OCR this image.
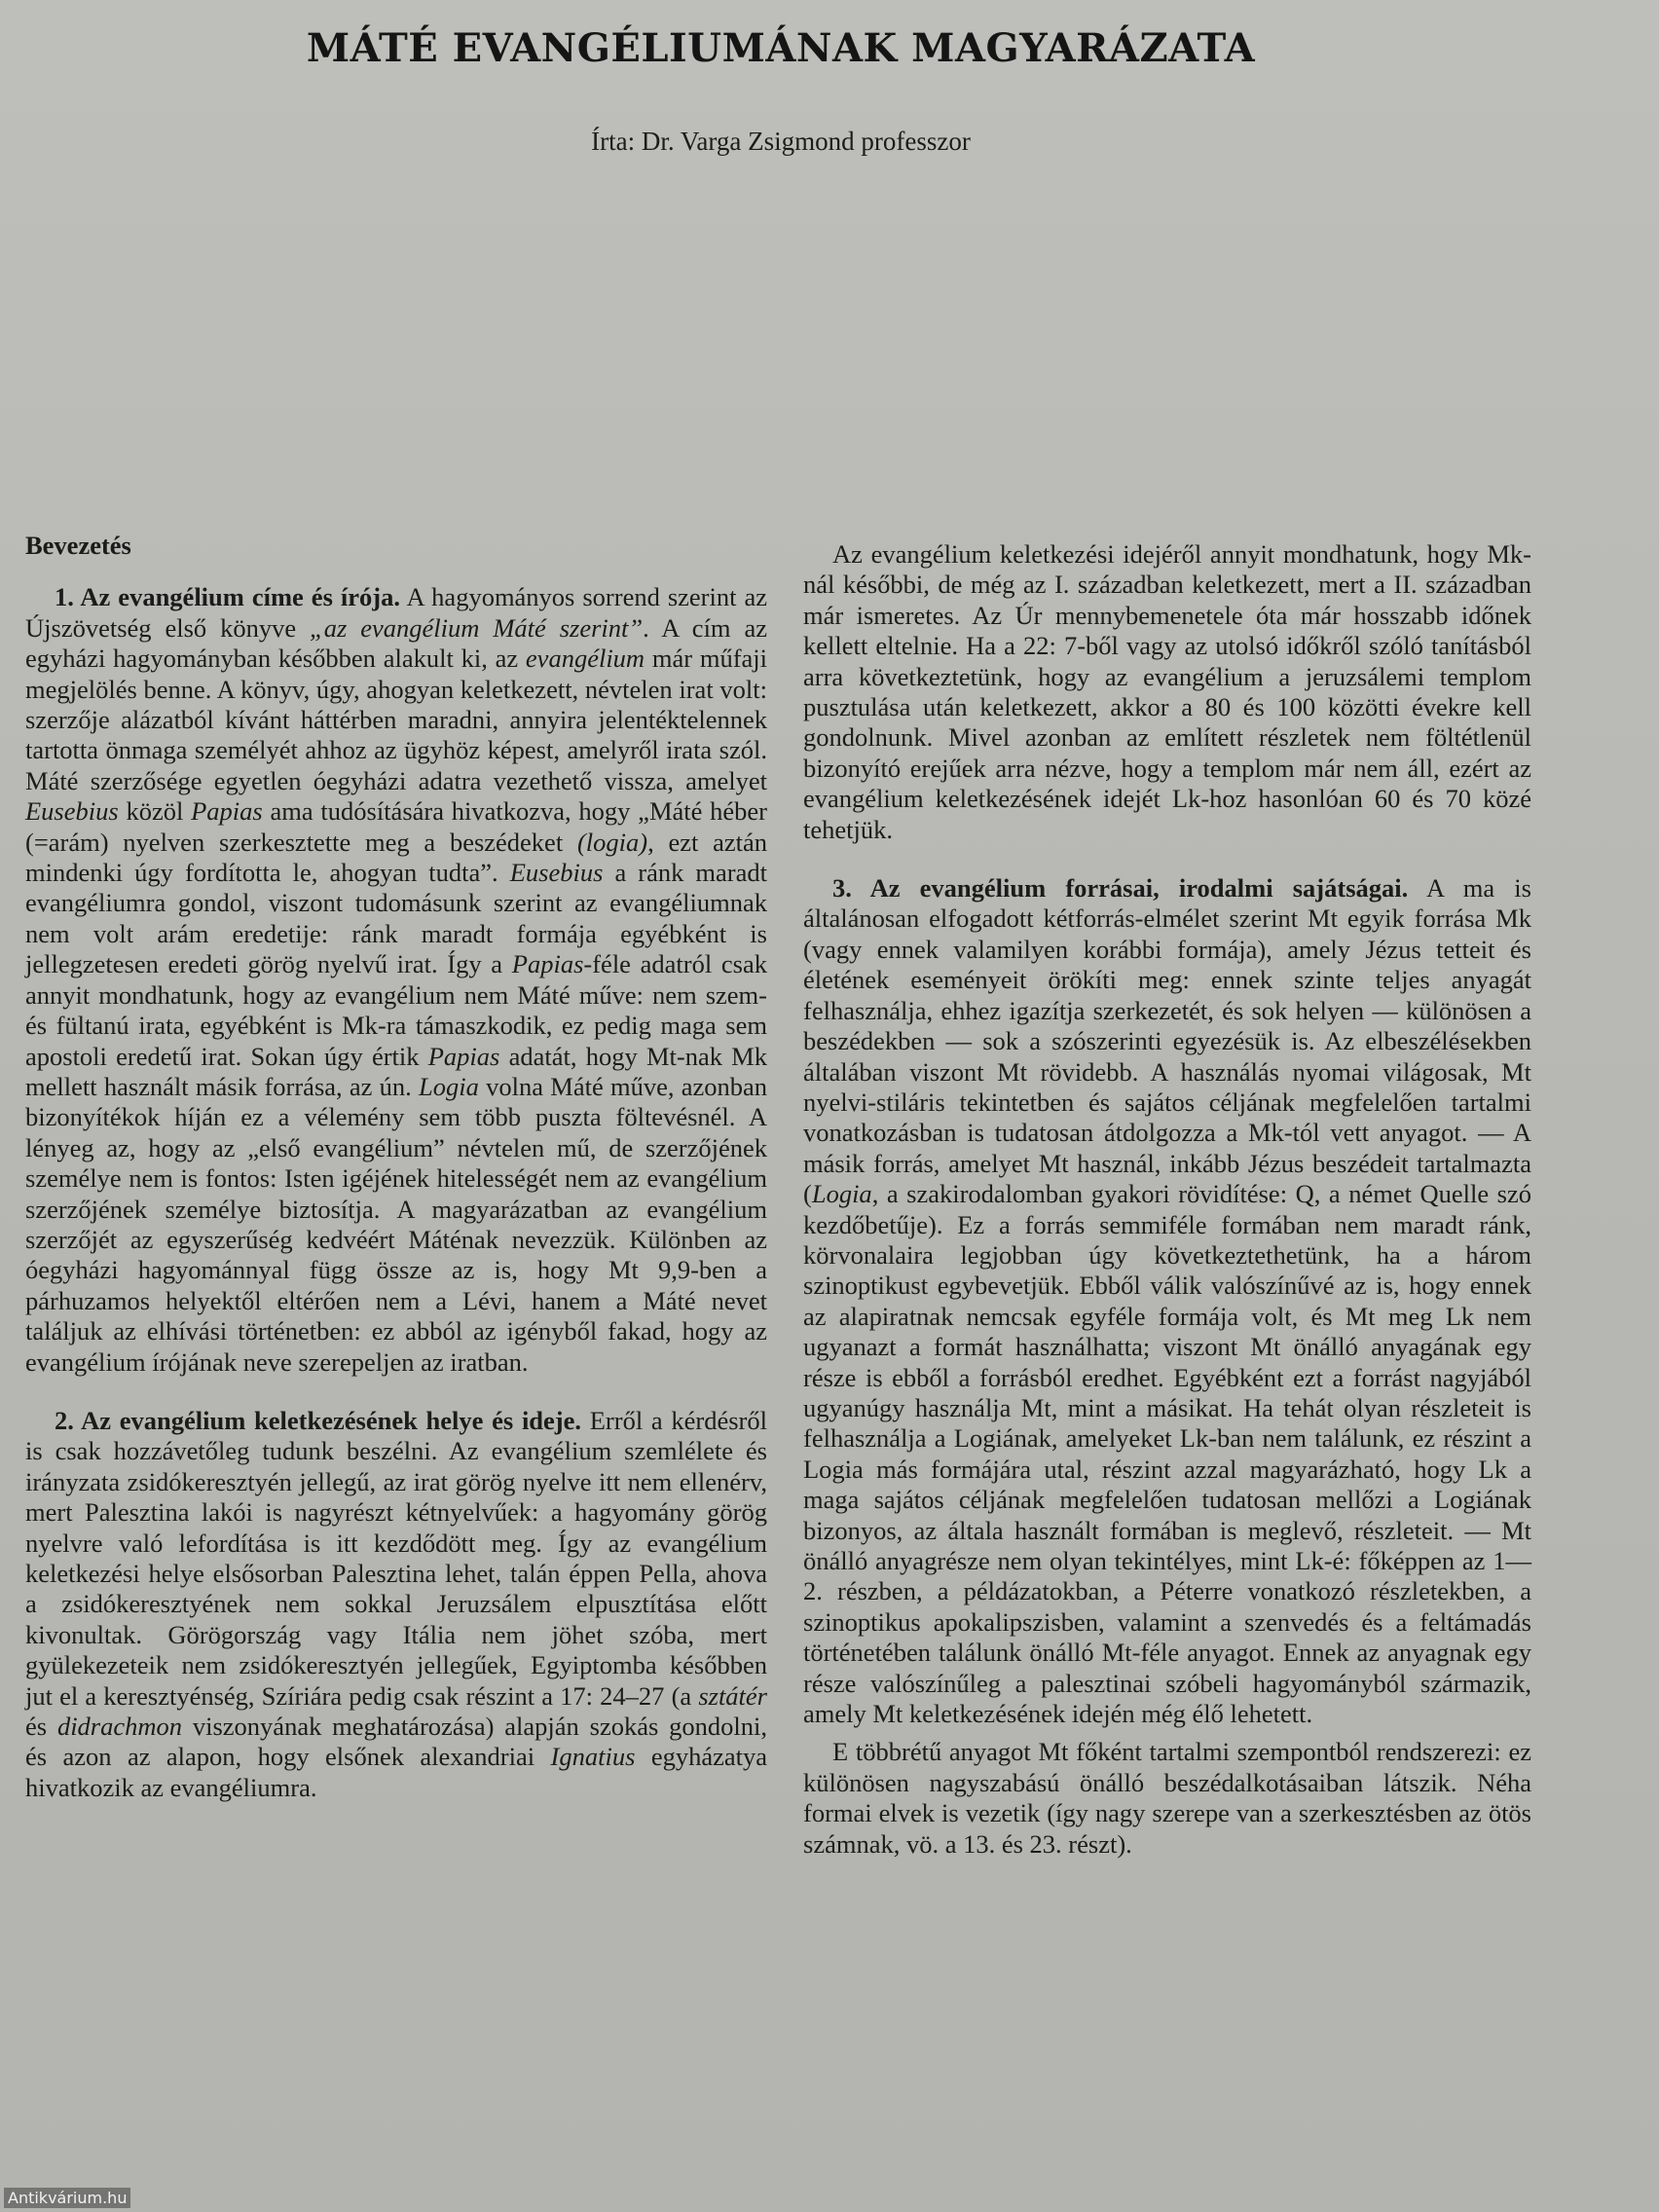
MÁTÉ EVANGÉLIUMÁNAK MAGYARÁZATA

Írta: Dr. Varga Zsigmond professzor

Bevezetés

1. Az evangélium címe és írója. A hagyományos sorrend szerint az Újszövetség első könyve „az evangélium Máté szerint”. A cím az egyházi hagyományban későbben alakult ki, az evangélium már műfaji megjelölés benne. A könyv, úgy, ahogyan keletkezett, névtelen irat volt: szerzője alázatból kívánt háttérben maradni, annyira jelentéktelennek tartotta önmaga személyét ahhoz az ügyhöz képest, amelyről irata szól. Máté szerzősége egyetlen óegyházi adatra vezethető vissza, amelyet Eusebius közöl Papias ama tudósítására hivatkozva, hogy „Máté héber (=arám) nyelven szerkesztette meg a beszédeket (logia), ezt aztán mindenki úgy fordította le, ahogyan tudta”. Eusebius a ránk maradt evangéliumra gondol, viszont tudomásunk szerint az evangéliumnak nem volt arám eredetije: ránk maradt formája egyébként is jellegzetesen eredeti görög nyelvű irat. Így a Papias-féle adatról csak annyit mondhatunk, hogy az evangélium nem Máté műve: nem szem- és fültanú irata, egyébként is Mk-ra támaszkodik, ez pedig maga sem apostoli eredetű irat. Sokan úgy értik Papias adatát, hogy Mt-nak Mk mellett használt másik forrása, az ún. Logia volna Máté műve, azonban bizonyítékok híján ez a vélemény sem több puszta föltevésnél. A lényeg az, hogy az „első evangélium” névtelen mű, de szerzőjének személye nem is fontos: Isten igéjének hitelességét nem az evangélium szerzőjének személye biztosítja. A magyarázatban az evangélium szerzőjét az egyszerűség kedvéért Máténak nevezzük. Különben az óegyházi hagyománnyal függ össze az is, hogy Mt 9,9-ben a párhuzamos helyektől eltérően nem a Lévi, hanem a Máté nevet találjuk az elhívási történetben: ez abból az igényből fakad, hogy az evangélium írójának neve szerepeljen az iratban.

2. Az evangélium keletkezésének helye és ideje. Erről a kérdésről is csak hozzávetőleg tudunk beszélni. Az evangélium szemlélete és irányzata zsidókeresztyén jellegű, az irat görög nyelve itt nem ellenérv, mert Palesztina lakói is nagyrészt kétnyelvűek: a hagyomány görög nyelvre való lefordítása is itt kezdődött meg. Így az evangélium keletkezési helye elsősorban Palesztina lehet, talán éppen Pella, ahova a zsidókeresztyének nem sokkal Jeruzsálem elpusztítása előtt kivonultak. Görögország vagy Itália nem jöhet szóba, mert gyülekezeteik nem zsidókeresztyén jellegűek, Egyiptomba későbben jut el a keresztyénség, Szíriára pedig csak részint a 17: 24–27 (a sztátér és didrachmon viszonyának meghatározása) alapján szokás gondolni, és azon az alapon, hogy elsőnek alexandriai Ignatius egyházatya hivatkozik az evangéliumra.

Az evangélium keletkezési idejéről annyit mondhatunk, hogy Mk-nál későbbi, de még az I. században keletkezett, mert a II. században már ismeretes. Az Úr mennybemenetele óta már hosszabb időnek kellett eltelnie. Ha a 22: 7-ből vagy az utolsó időkről szóló tanításból arra következtetünk, hogy az evangélium a jeruzsálemi templom pusztulása után keletkezett, akkor a 80 és 100 közötti évekre kell gondolnunk. Mivel azonban az említett részletek nem föltétlenül bizonyító erejűek arra nézve, hogy a templom már nem áll, ezért az evangélium keletkezésének idejét Lk-hoz hasonlóan 60 és 70 közé tehetjük.

3. Az evangélium forrásai, irodalmi sajátságai. A ma is általánosan elfogadott kétforrás-elmélet szerint Mt egyik forrása Mk (vagy ennek valamilyen korábbi formája), amely Jézus tetteit és életének eseményeit örökíti meg: ennek szinte teljes anyagát felhasználja, ehhez igazítja szerkezetét, és sok helyen — különösen a beszédekben — sok a szószerinti egyezésük is. Az elbeszélésekben általában viszont Mt rövidebb. A használás nyomai világosak, Mt nyelvi-stiláris tekintetben és sajátos céljának megfelelően tartalmi vonatkozásban is tudatosan átdolgozza a Mk-tól vett anyagot. — A másik forrás, amelyet Mt használ, inkább Jézus beszédeit tartalmazta (Logia, a szakirodalomban gyakori rövidítése: Q, a német Quelle szó kezdőbetűje). Ez a forrás semmiféle formában nem maradt ránk, körvonalaira legjobban úgy következtethetünk, ha a három szinoptikust egybevetjük. Ebből válik valószínűvé az is, hogy ennek az alapiratnak nemcsak egyféle formája volt, és Mt meg Lk nem ugyanazt a formát használhatta; viszont Mt önálló anyagának egy része is ebből a forrásból eredhet. Egyébként ezt a forrást nagyjából ugyanúgy használja Mt, mint a másikat. Ha tehát olyan részleteit is felhasználja a Logiának, amelyeket Lk-ban nem találunk, ez részint a Logia más formájára utal, részint azzal magyarázható, hogy Lk a maga sajátos céljának megfelelően tudatosan mellőzi a Logiának bizonyos, az általa használt formában is meglevő, részleteit. — Mt önálló anyagrésze nem olyan tekintélyes, mint Lk-é: főképpen az 1—2. részben, a példázatokban, a Péterre vonatkozó részletekben, a szinoptikus apokalipszisben, valamint a szenvedés és a feltámadás történetében találunk önálló Mt-féle anyagot. Ennek az anyagnak egy része valószínűleg a palesztinai szóbeli hagyományból származik, amely Mt keletkezésének idején még élő lehetett.

E többrétű anyagot Mt főként tartalmi szempontból rendszerezi: ez különösen nagyszabású önálló beszédalkotásaiban látszik. Néha formai elvek is vezetik (így nagy szerepe van a szerkesztésben az ötös számnak, vö. a 13. és 23. részt).

Antikvárium.hu
